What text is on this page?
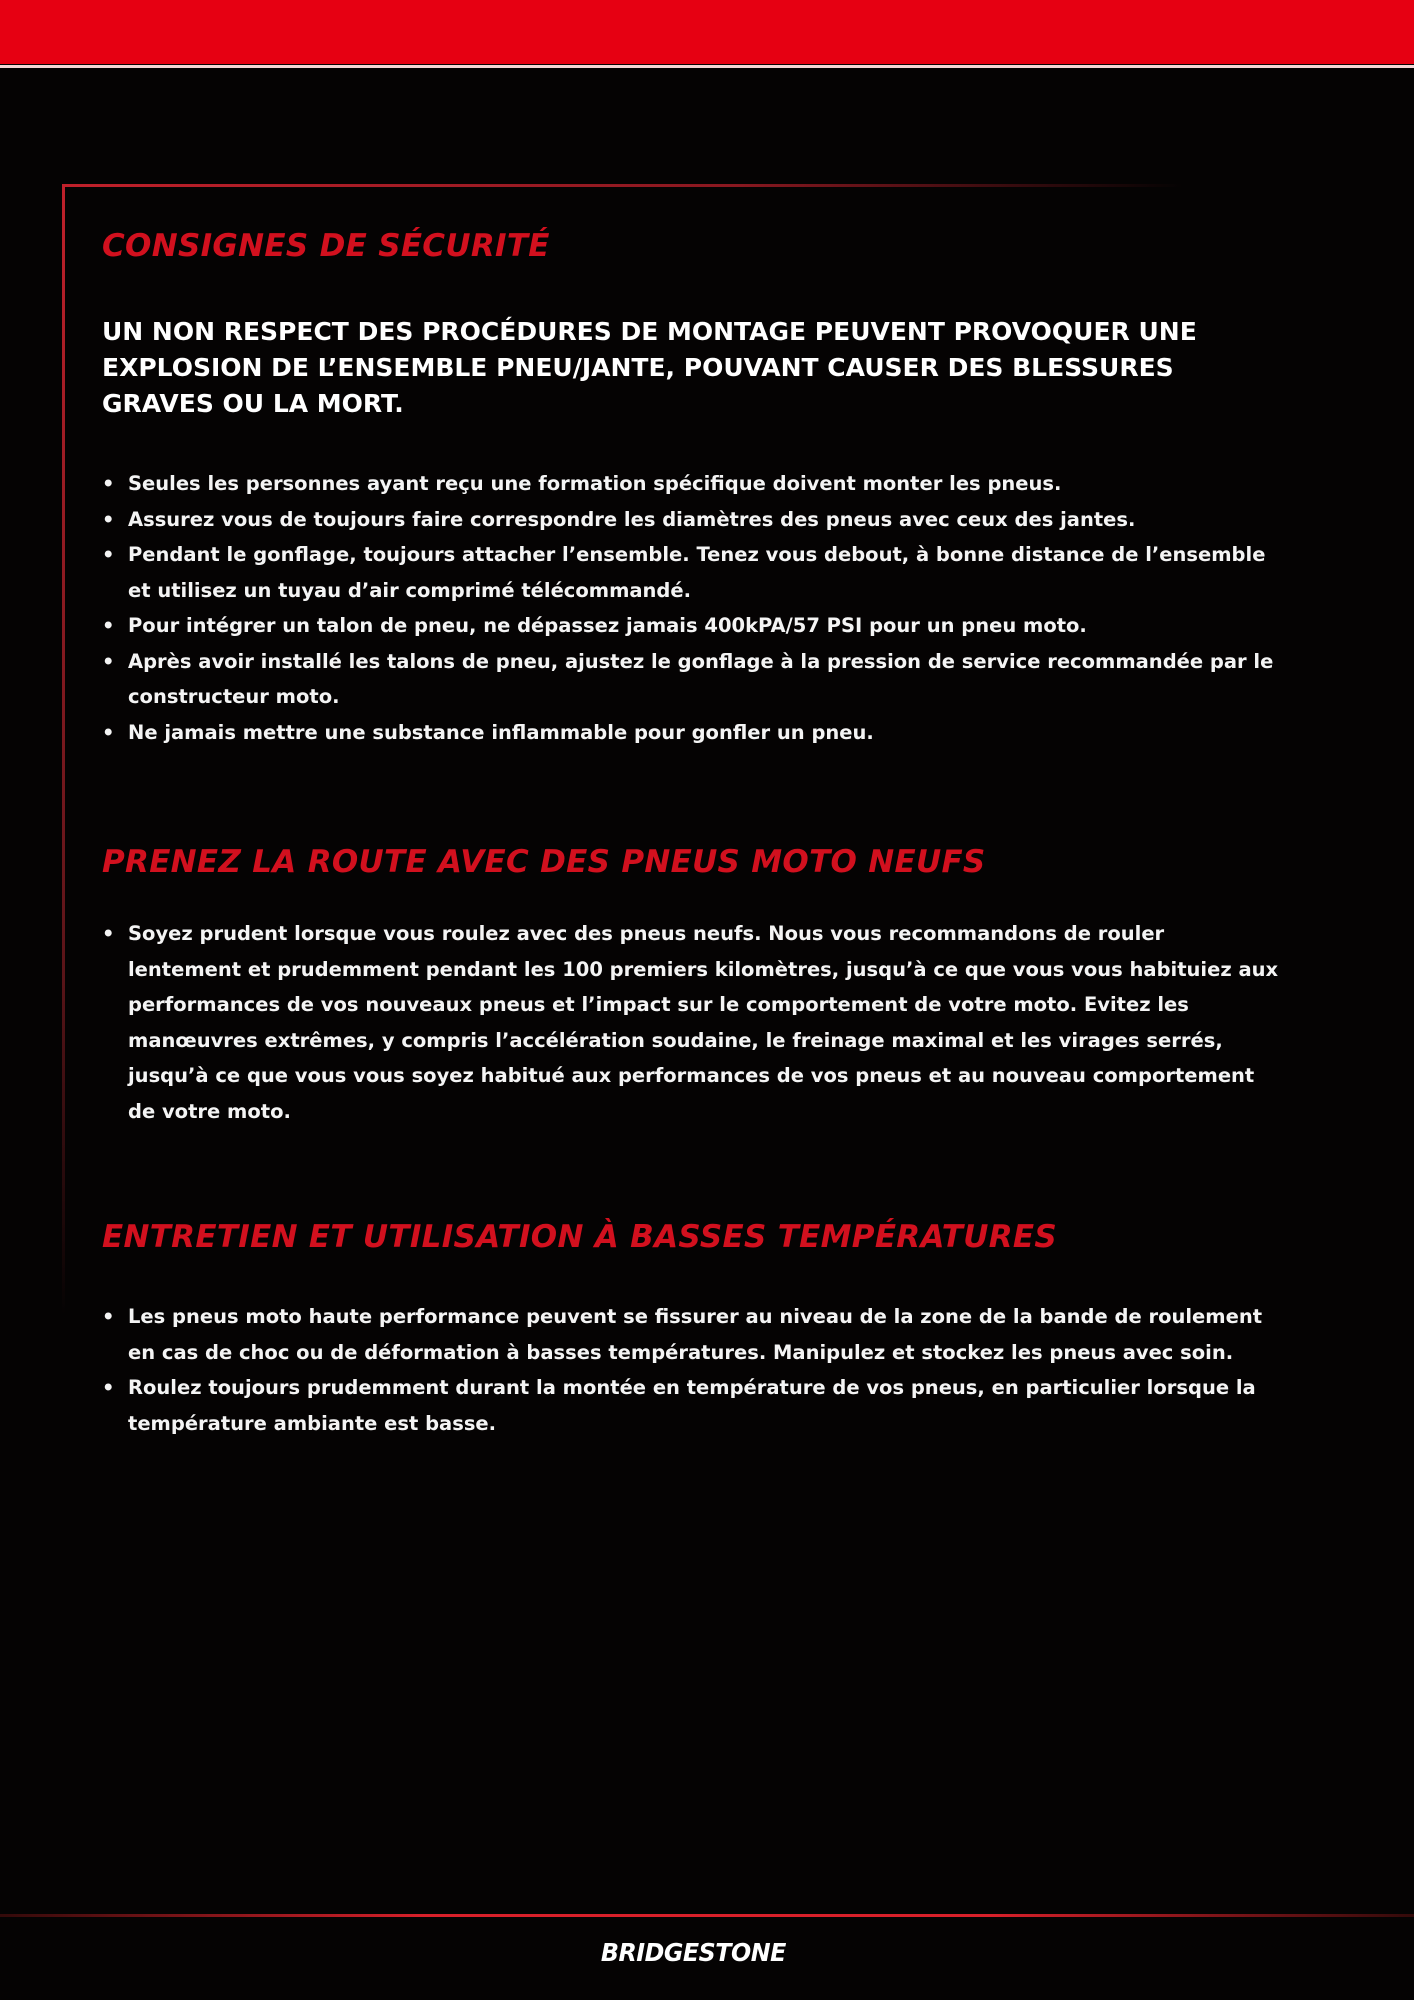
CONSIGNES DE SÉCURITÉ

UN NON RESPECT DES PROCÉDURES DE MONTAGE PEUVENT PROVOQUER UNE EXPLOSION DE L’ENSEMBLE PNEU/JANTE, POUVANT CAUSER DES BLESSURES GRAVES OU LA MORT.

• Seules les personnes ayant reçu une formation spécifique doivent monter les pneus.
• Assurez vous de toujours faire correspondre les diamètres des pneus avec ceux des jantes.
• Pendant le gonflage, toujours attacher l’ensemble. Tenez vous debout, à bonne distance de l’ensemble et utilisez un tuyau d’air comprimé télécommandé.
• Pour intégrer un talon de pneu, ne dépassez jamais 400kPA/57 PSI pour un pneu moto.
• Après avoir installé les talons de pneu, ajustez le gonflage à la pression de service recommandée par le constructeur moto.
• Ne jamais mettre une substance inflammable pour gonfler un pneu.
PRENEZ LA ROUTE AVEC DES PNEUS MOTO NEUFS
• Soyez prudent lorsque vous roulez avec des pneus neufs. Nous vous recommandons de rouler lentement et prudemment pendant les 100 premiers kilomètres, jusqu’à ce que vous vous habituiez aux performances de vos nouveaux pneus et l’impact sur le comportement de votre moto. Evitez les manœuvres extrêmes, y compris l’accélération soudaine, le freinage maximal et les virages serrés, jusqu’à ce que vous vous soyez habitué aux performances de vos pneus et au nouveau comportement de votre moto.
ENTRETIEN ET UTILISATION À BASSES TEMPÉRATURES
• Les pneus moto haute performance peuvent se fissurer au niveau de la zone de la bande de roulement en cas de choc ou de déformation à basses températures. Manipulez et stockez les pneus avec soin.
• Roulez toujours prudemment durant la montée en température de vos pneus, en particulier lorsque la température ambiante est basse.
BRIDGESTONE
